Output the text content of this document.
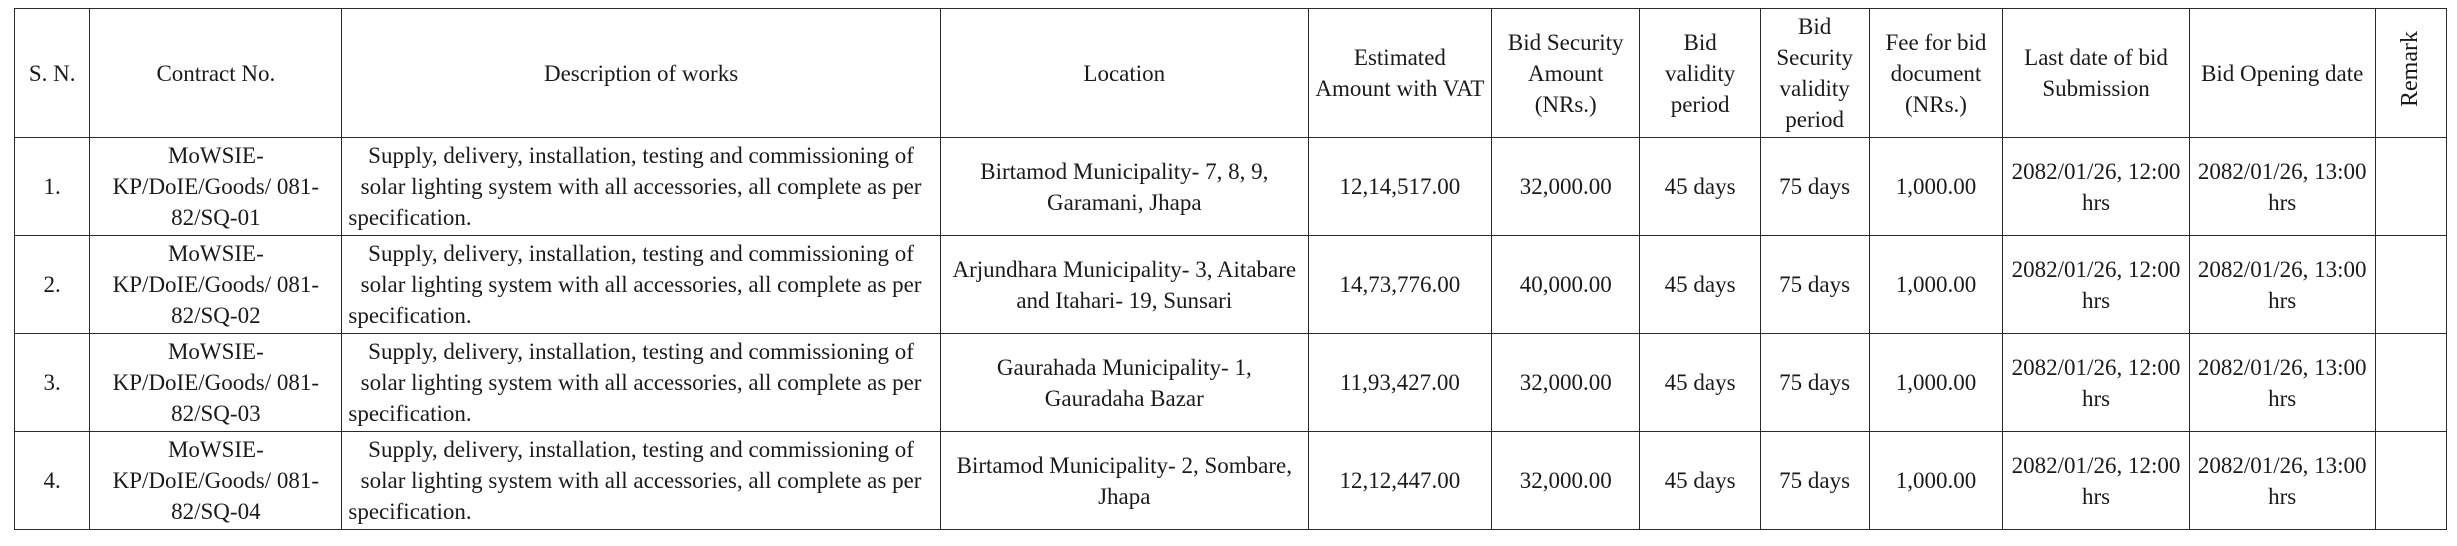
S. N.	Contract No.	Description of works	Location	Estimated Amount with VAT	Bid Security Amount (NRs.)	Bid validity period	Bid Security validity period	Fee for bid document (NRs.)	Last date of bid Submission	Bid Opening date	Remark
1.	MoWSIE-KP/DoIE/Goods/ 081-82/SQ-01	Supply, delivery, installation, testing and commissioning of solar lighting system with all accessories, all complete as per specification.	Birtamod Municipality- 7, 8, 9, Garamani, Jhapa	12,14,517.00	32,000.00	45 days	75 days	1,000.00	2082/01/26, 12:00 hrs	2082/01/26, 13:00 hrs	
2.	MoWSIE-KP/DoIE/Goods/ 081-82/SQ-02	Supply, delivery, installation, testing and commissioning of solar lighting system with all accessories, all complete as per specification.	Arjundhara Municipality- 3, Aitabare and Itahari- 19, Sunsari	14,73,776.00	40,000.00	45 days	75 days	1,000.00	2082/01/26, 12:00 hrs	2082/01/26, 13:00 hrs	
3.	MoWSIE-KP/DoIE/Goods/ 081-82/SQ-03	Supply, delivery, installation, testing and commissioning of solar lighting system with all accessories, all complete as per specification.	Gaurahada Municipality- 1, Gauradaha Bazar	11,93,427.00	32,000.00	45 days	75 days	1,000.00	2082/01/26, 12:00 hrs	2082/01/26, 13:00 hrs	
4.	MoWSIE-KP/DoIE/Goods/ 081-82/SQ-04	Supply, delivery, installation, testing and commissioning of solar lighting system with all accessories, all complete as per specification.	Birtamod Municipality- 2, Sombare, Jhapa	12,12,447.00	32,000.00	45 days	75 days	1,000.00	2082/01/26, 12:00 hrs	2082/01/26, 13:00 hrs	
